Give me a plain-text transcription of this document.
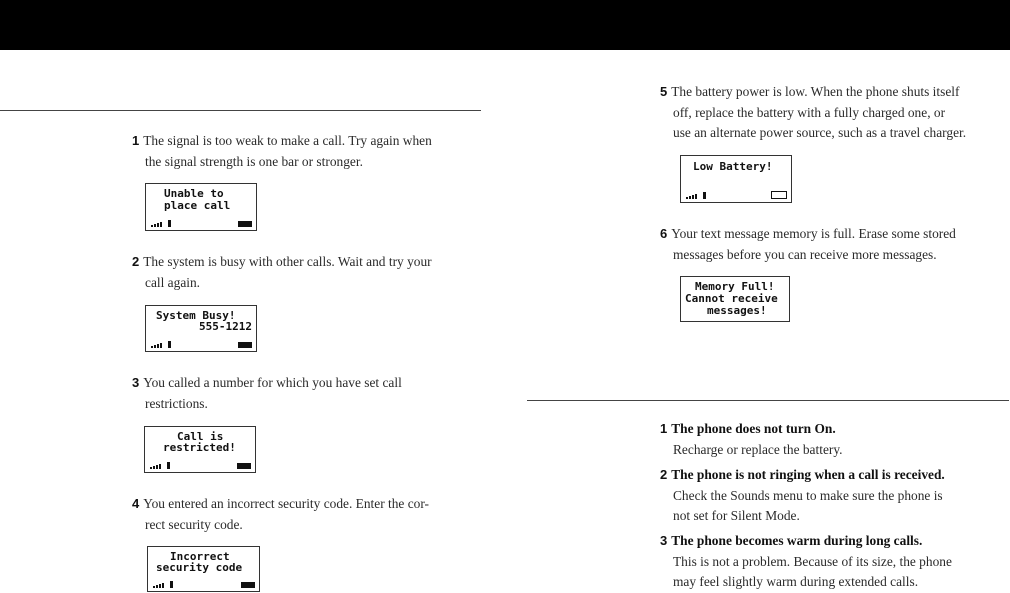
1 The signal is too weak to make a call. Try again when
the signal strength is one bar or stronger.
Unable to
place call
2 The system is busy with other calls. Wait and try your
call again.
System Busy!
555-1212
3 You called a number for which you have set call
restrictions.
Call is
restricted!
4 You entered an incorrect security code. Enter the cor-
rect security code.
Incorrect
security code
5 The battery power is low. When the phone shuts itself
off, replace the battery with a fully charged one, or
use an alternate power source, such as a travel charger.
Low Battery!
6 Your text message memory is full. Erase some stored
messages before you can receive more messages.
Memory Full!
Cannot receive
messages!
1 The phone does not turn On.
Recharge or replace the battery.
2 The phone is not ringing when a call is received.
Check the Sounds menu to make sure the phone is
not set for Silent Mode.
3 The phone becomes warm during long calls.
This is not a problem. Because of its size, the phone
may feel slightly warm during extended calls.
